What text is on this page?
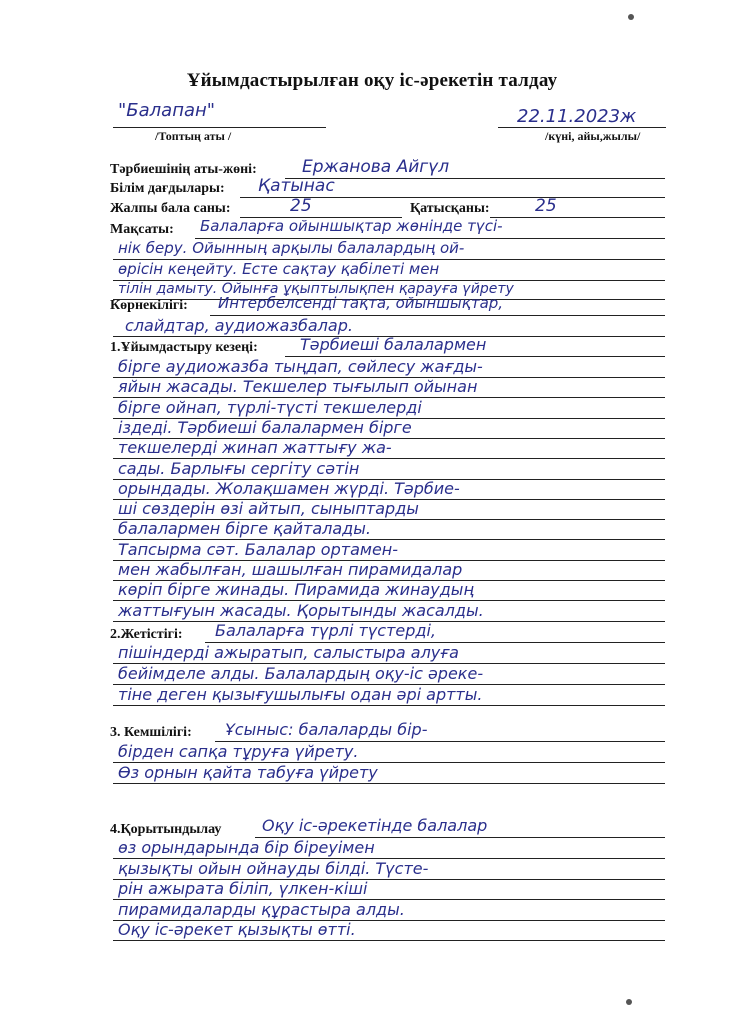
Ұйымдастырылған оқу іс-әрекетін талдау
"Балапан"
/Топтың аты /
22.11.2023ж
/күні, айы,жылы/
Тәрбиешінің аты-жөні:	Ержанова Айгүл
Білім дағдылары: Қатынас
Жалпы бала саны:	25	Қатысқаны:	25
Мақсаты: Балаларға ойыншықтар жөнінде түсі-
нік беру. Ойынның арқылы балалардың ой-
өрісін кеңейту. Есте сақтау қабілеті мен
тілін дамыту. Ойынға ұқыптылықпен қарауға үйрету
Көрнекілігі: Интербелсенді тақта, ойыншықтар,
слайдтар, аудиожазбалар.
1.Ұйымдастыру кезеңі:	Тәрбиеші балалармен
бірге аудиожазба тыңдап, сөйлесу жағды-
яйын жасады. Текшелер тығылып ойынан
бірге ойнап, түрлі-түсті текшелерді
іздеді. Тәрбиеші балалармен бірге
текшелерді жинап жаттығу жа-
сады. Барлығы сергіту сәтін
орындады. Жолақшамен жүрді. Тәрбие-
ші сөздерін өзі айтып, сыныптарды
балалармен бірге қайталады.
Тапсырма сәт. Балалар ортамен-
мен жабылған, шашылған пирамидалар
көріп бірге жинады. Пирамида жинаудың
жаттығуын жасады. Қорытынды жасалды.
2.Жетістігі: Балаларға түрлі түстерді,
пішіндерді ажыратып, салыстыра алуға
бейімделе алды. Балалардың оқу-іс әреке-
тіне деген қызығушылығы одан әрі артты.
3. Кемшілігі: Ұсыныс: балаларды бір-
бірден сапқа тұруға үйрету.
Өз орнын қайта табуға үйрету
4.Қорытындылау	Оқу іс-әрекетінде балалар
өз орындарында бір біреуімен
қызықты ойын ойнауды білді. Түсте-
рін ажырата біліп, үлкен-кіші
пирамидаларды құрастыра алды.
Оқу іс-әрекет қызықты өтті.
